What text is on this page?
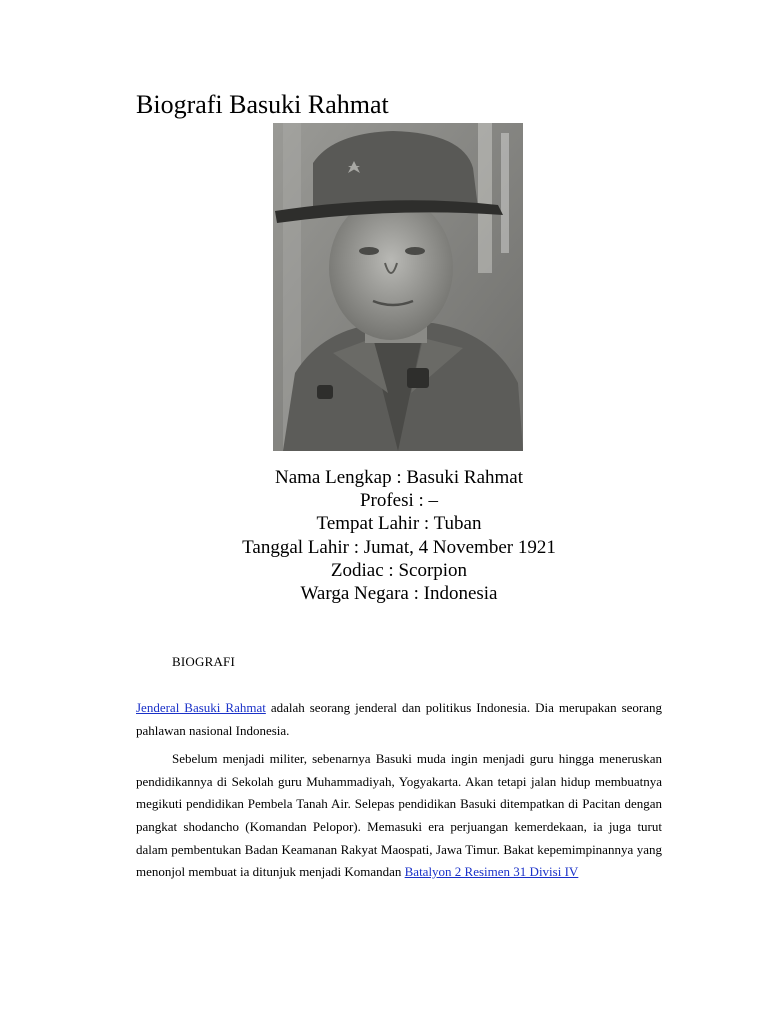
Biografi Basuki Rahmat
Nama Lengkap : Basuki Rahmat
Profesi : –
Tempat Lahir : Tuban
Tanggal Lahir : Jumat, 4 November 1921
Zodiac : Scorpion
Warga Negara : Indonesia
BIOGRAFI

Jenderal Basuki Rahmat adalah seorang jenderal dan politikus Indonesia. Dia merupakan seorang pahlawan nasional Indonesia.

Sebelum menjadi militer, sebenarnya Basuki muda ingin menjadi guru hingga meneruskan pendidikannya di Sekolah guru Muhammadiyah, Yogyakarta. Akan tetapi jalan hidup membuatnya megikuti pendidikan Pembela Tanah Air. Selepas pendidikan Basuki ditempatkan di Pacitan dengan pangkat shodancho (Komandan Pelopor). Memasuki era perjuangan kemerdekaan, ia juga turut dalam pembentukan Badan Keamanan Rakyat Maospati, Jawa Timur. Bakat kepemimpinannya yang menonjol membuat ia ditunjuk menjadi Komandan Batalyon 2 Resimen 31 Divisi IV
